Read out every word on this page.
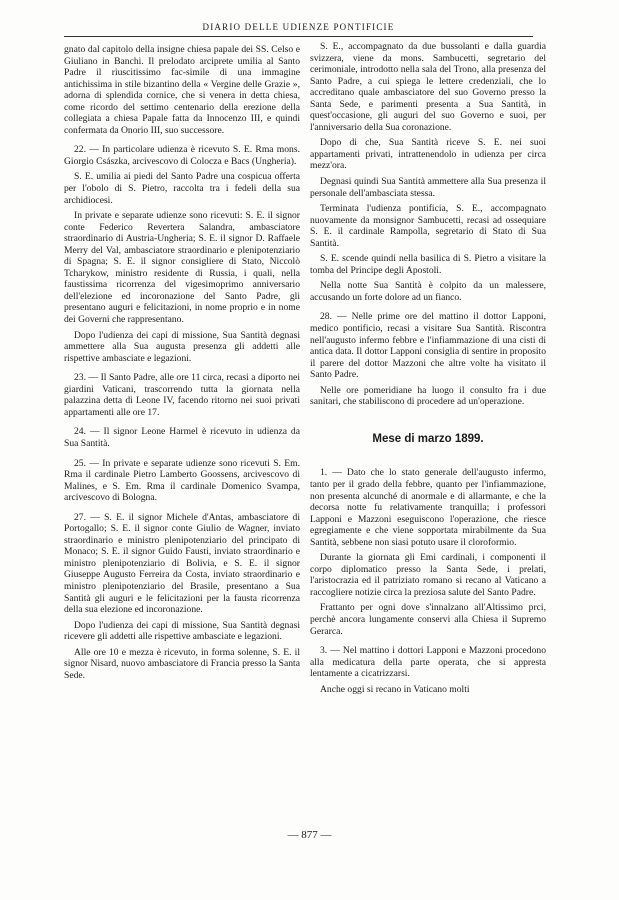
DIARIO DELLE UDIENZE PONTIFICIE

gnato dal capitolo della insigne chiesa papale dei SS. Celso e Giuliano in Banchi. Il prelodato arciprete umilia al Santo Padre il riuscitissimo fac-simile di una immagine antichissima in stile bizantino della « Vergine delle Grazie », adorna di splendida cornice, che si venera in detta chiesa, come ricordo del settimo centenario della erezione della collegiata a chiesa Papale fatta da Innocenzo III, e quindi confermata da Onorio III, suo successore.

22. — In particolare udienza è ricevuto S. E. Rma mons. Giorgio Császka, arcivescovo di Colocza e Bacs (Ungheria).

S. E. umilia ai piedi del Santo Padre una cospicua offerta per l'obolo di S. Pietro, raccolta tra i fedeli della sua archidiocesi.

In private e separate udienze sono ricevuti: S. E. il signor conte Federico Revertera Salandra, ambasciatore straordinario di Austria-Ungheria; S. E. il signor D. Raffaele Merry del Val, ambasciatore straordinario e plenipotenziario di Spagna; S. E. il signor consigliere di Stato, Niccolò Tcharykow, ministro residente di Russia, i quali, nella faustissima ricorrenza del vigesimoprimo anniversario dell'elezione ed incoronazione del Santo Padre, gli presentano auguri e felicitazioni, in nome proprio e in nome dei Governi che rappresentano.

Dopo l'udienza dei capi di missione, Sua Santità degnasi ammettere alla Sua augusta presenza gli addetti alle rispettive ambasciate e legazioni.

23. — Il Santo Padre, alle ore 11 circa, recasi a diporto nei giardini Vaticani, trascorrendo tutta la giornata nella palazzina detta di Leone IV, facendo ritorno nei suoi privati appartamenti alle ore 17.

24. — Il signor Leone Harmel è ricevuto in udienza da Sua Santità.

25. — In private e separate udienze sono ricevuti S. Em. Rma il cardinale Pietro Lamberto Goossens, arcivescovo di Malines, e S. Em. Rma il cardinale Domenico Svampa, arcivescovo di Bologna.

27. — S. E. il signor Michele d'Antas, ambasciatore di Portogallo; S. E. il signor conte Giulio de Wagner, inviato straordinario e ministro plenipotenziario del principato di Monaco; S. E. il signor Guido Fausti, inviato straordinario e ministro plenipotenziario di Bolivia, e S. E. il signor Giuseppe Augusto Ferreira da Costa, inviato straordinario e ministro plenipotenziario del Brasile, presentano a Sua Santità gli auguri e le felicitazioni per la fausta ricorrenza della sua elezione ed incoronazione.

Dopo l'udienza dei capi di missione, Sua Santità degnasi ricevere gli addetti alle rispettive ambasciate e legazioni.

Alle ore 10 e mezza è ricevuto, in forma solenne, S. E. il signor Nisard, nuovo ambasciatore di Francia presso la Santa Sede.

S. E., accompagnato da due bussolanti e dalla guardia svizzera, viene da mons. Sambucetti, segretario del cerimoniale, introdotto nella sala del Trono, alla presenza del Santo Padre, a cui spiega le lettere credenziali, che lo accreditano quale ambasciatore del suo Governo presso la Santa Sede, e parimenti presenta a Sua Santità, in quest'occasione, gli auguri del suo Governo e suoi, per l'anniversario della Sua coronazione.

Dopo di che, Sua Santità riceve S. E. nei suoi appartamenti privati, intrattenendolo in udienza per circa mezz'ora.

Degnasi quindi Sua Santità ammettere alla Sua presenza il personale dell'ambasciata stessa.

Terminata l'udienza pontificia, S. E., accompagnato nuovamente da monsignor Sambucetti, recasi ad ossequiare S. E. il cardinale Rampolla, segretario di Stato di Sua Santità.

S. E. scende quindi nella basilica di S. Pietro a visitare la tomba del Principe degli Apostoli.

Nella notte Sua Santità è colpito da un malessere, accusando un forte dolore ad un fianco.

28. — Nelle prime ore del mattino il dottor Lapponi, medico pontificio, recasi a visitare Sua Santità. Riscontra nell'augusto infermo febbre e l'infiammazione di una cisti di antica data. Il dottor Lapponi consiglia di sentire in proposito il parere del dottor Mazzoni che altre volte ha visitato il Santo Padre.

Nelle ore pomeridiane ha luogo il consulto fra i due sanitari, che stabiliscono di procedere ad un'operazione.

Mese di marzo 1899.

1. — Dato che lo stato generale dell'augusto infermo, tanto per il grado della febbre, quanto per l'infiammazione, non presenta alcunché di anormale e di allarmante, e che la decorsa notte fu relativamente tranquilla; i professori Lapponi e Mazzoni eseguiscono l'operazione, che riesce egregiamente e che viene sopportata mirabilmente da Sua Santità, sebbene non siasi potuto usare il cloroformio.

Durante la giornata gli Emi cardinali, i componenti il corpo diplomatico presso la Santa Sede, i prelati, l'aristocrazia ed il patriziato romano si recano al Vaticano a raccogliere notizie circa la preziosa salute del Santo Padre.

Frattanto per ogni dove s'innalzano all'Altissimo prci, perchè ancora lungamente conservi alla Chiesa il Supremo Gerarca.

3. — Nel mattino i dottori Lapponi e Mazzoni procedono alla medicatura della parte operata, che si appresta lentamente a cicatrizzarsi.

Anche oggi si recano in Vaticano molti

— 877 —
